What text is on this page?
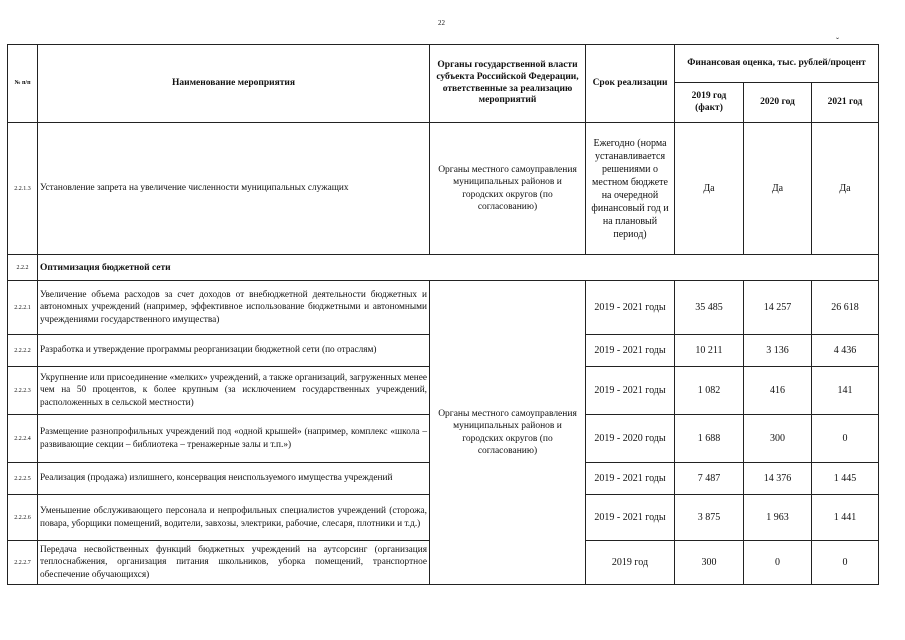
22
ˇ
№ п/п	Наименование мероприятия	Органы государственной власти субъекта Российской Федерации, ответственные за реализацию мероприятий	Срок реализации	Финансовая оценка, тыс. рублей/процент		
				2019 год (факт)	2020 год	2021 год
2.2.1.3	Установление запрета на увеличение численности муниципальных служащих	Органы местного самоуправления муниципальных районов и городских округов (по согласованию)	Ежегодно (норма устанавливается решениями о местном бюджете на очередной финансовый год и на плановый период)	Да	Да	Да
2.2.2	Оптимизация бюджетной сети					
2.2.2.1	Увеличение объема расходов за счет доходов от внебюджетной деятельности бюджетных и автономных учреждений (например, эффективное использование бюджетными и автономными учреждениями государственного имущества)	Органы местного самоуправления муниципальных районов и городских округов (по согласованию)	2019 - 2021 годы	35 485	14 257	26 618
2.2.2.2	Разработка и утверждение программы реорганизации бюджетной сети (по отраслям)		2019 - 2021 годы	10 211	3 136	4 436
2.2.2.3	Укрупнение или присоединение «мелких» учреждений, а также организаций, загруженных менее чем на 50 процентов, к более крупным (за исключением государственных учреждений, расположенных в сельской местности)		2019 - 2021 годы	1 082	416	141
2.2.2.4	Размещение разнопрофильных учреждений под «одной крышей» (например, комплекс «школа – развивающие секции – библиотека – тренажерные залы и т.п.»)		2019 - 2020 годы	1 688	300	0
2.2.2.5	Реализация (продажа) излишнего, консервация неиспользуемого имущества учреждений		2019 - 2021 годы	7 487	14 376	1 445
2.2.2.6	Уменьшение обслуживающего персонала и непрофильных специалистов учреждений (сторожа, повара, уборщики помещений, водители, завхозы, электрики, рабочие, слесаря, плотники и т.д.)		2019 - 2021 годы	3 875	1 963	1 441
2.2.2.7	Передача несвойственных функций бюджетных учреждений на аутсорсинг (организация теплоснабжения, организация питания школьников, уборка помещений, транспортное обеспечение обучающихся)		2019 год	300	0	0
